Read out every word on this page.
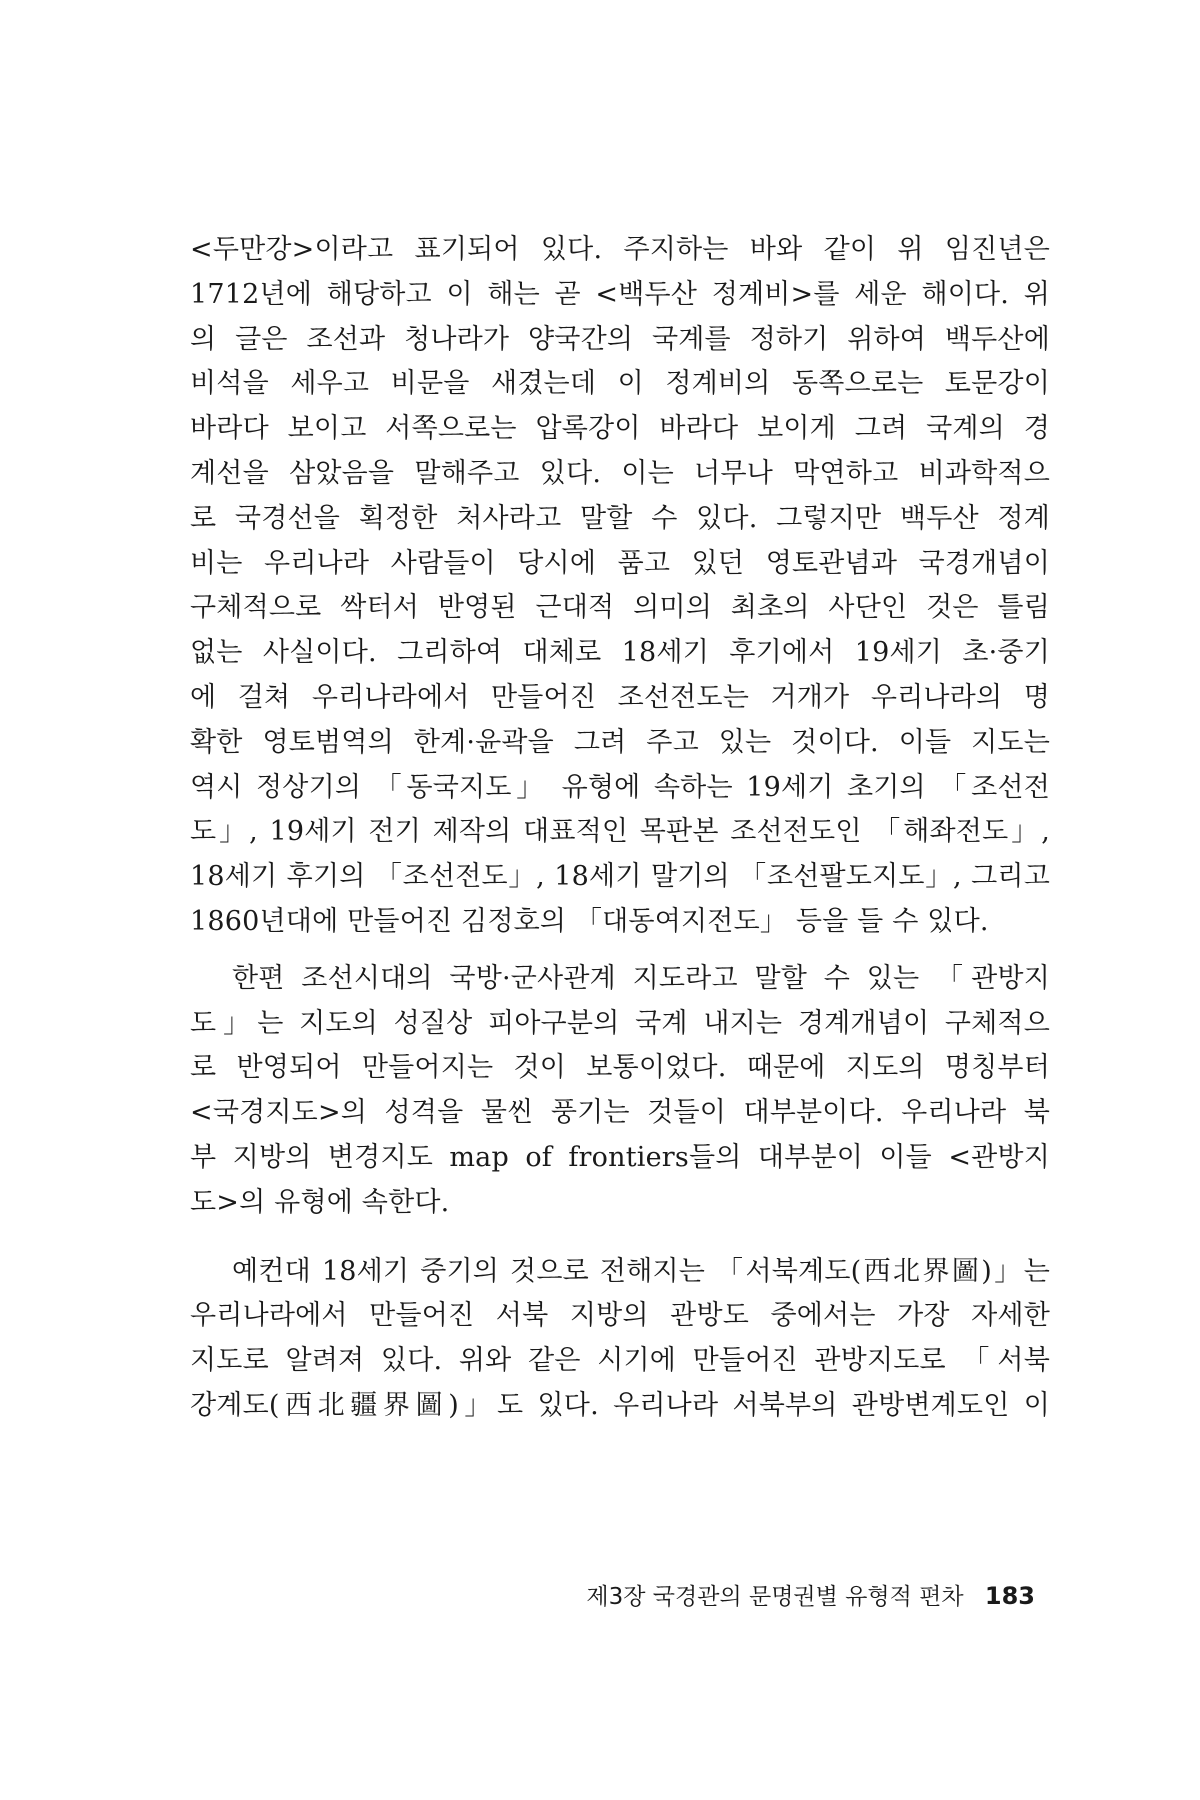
<두만강>이라고 표기되어 있다. 주지하는 바와 같이 위 임진년은
1712년에 해당하고 이 해는 곧 <백두산 정계비>를 세운 해이다. 위
의 글은 조선과 청나라가 양국간의 국계를 정하기 위하여 백두산에
비석을 세우고 비문을 새겼는데 이 정계비의 동쪽으로는 토문강이
바라다 보이고 서쪽으로는 압록강이 바라다 보이게 그려 국계의 경
계선을 삼았음을 말해주고 있다. 이는 너무나 막연하고 비과학적으
로 국경선을 획정한 처사라고 말할 수 있다. 그렇지만 백두산 정계
비는 우리나라 사람들이 당시에 품고 있던 영토관념과 국경개념이
구체적으로 싹터서 반영된 근대적 의미의 최초의 사단인 것은 틀림
없는 사실이다. 그리하여 대체로 18세기 후기에서 19세기 초·중기
에 걸쳐 우리나라에서 만들어진 조선전도는 거개가 우리나라의 명
확한 영토범역의 한계·윤곽을 그려 주고 있는 것이다. 이들 지도는
역시 정상기의 「동국지도」 유형에 속하는 19세기 초기의 「조선전
도」, 19세기 전기 제작의 대표적인 목판본 조선전도인 「해좌전도」,
18세기 후기의 「조선전도」, 18세기 말기의 「조선팔도지도」, 그리고
1860년대에 만들어진 김정호의 「대동여지전도」 등을 들 수 있다.
한편 조선시대의 국방·군사관계 지도라고 말할 수 있는 「관방지
도」는 지도의 성질상 피아구분의 국계 내지는 경계개념이 구체적으
로 반영되어 만들어지는 것이 보통이었다. 때문에 지도의 명칭부터
<국경지도>의 성격을 물씬 풍기는 것들이 대부분이다. 우리나라 북
부 지방의 변경지도 map of frontiers들의 대부분이 이들 <관방지
도>의 유형에 속한다.
예컨대 18세기 중기의 것으로 전해지는 「서북계도(西北界圖)」는
우리나라에서 만들어진 서북 지방의 관방도 중에서는 가장 자세한
지도로 알려져 있다. 위와 같은 시기에 만들어진 관방지도로 「서북
강계도(西北疆界圖)」도 있다. 우리나라 서북부의 관방변계도인 이
제3장 국경관의 문명권별 유형적 편차 183
